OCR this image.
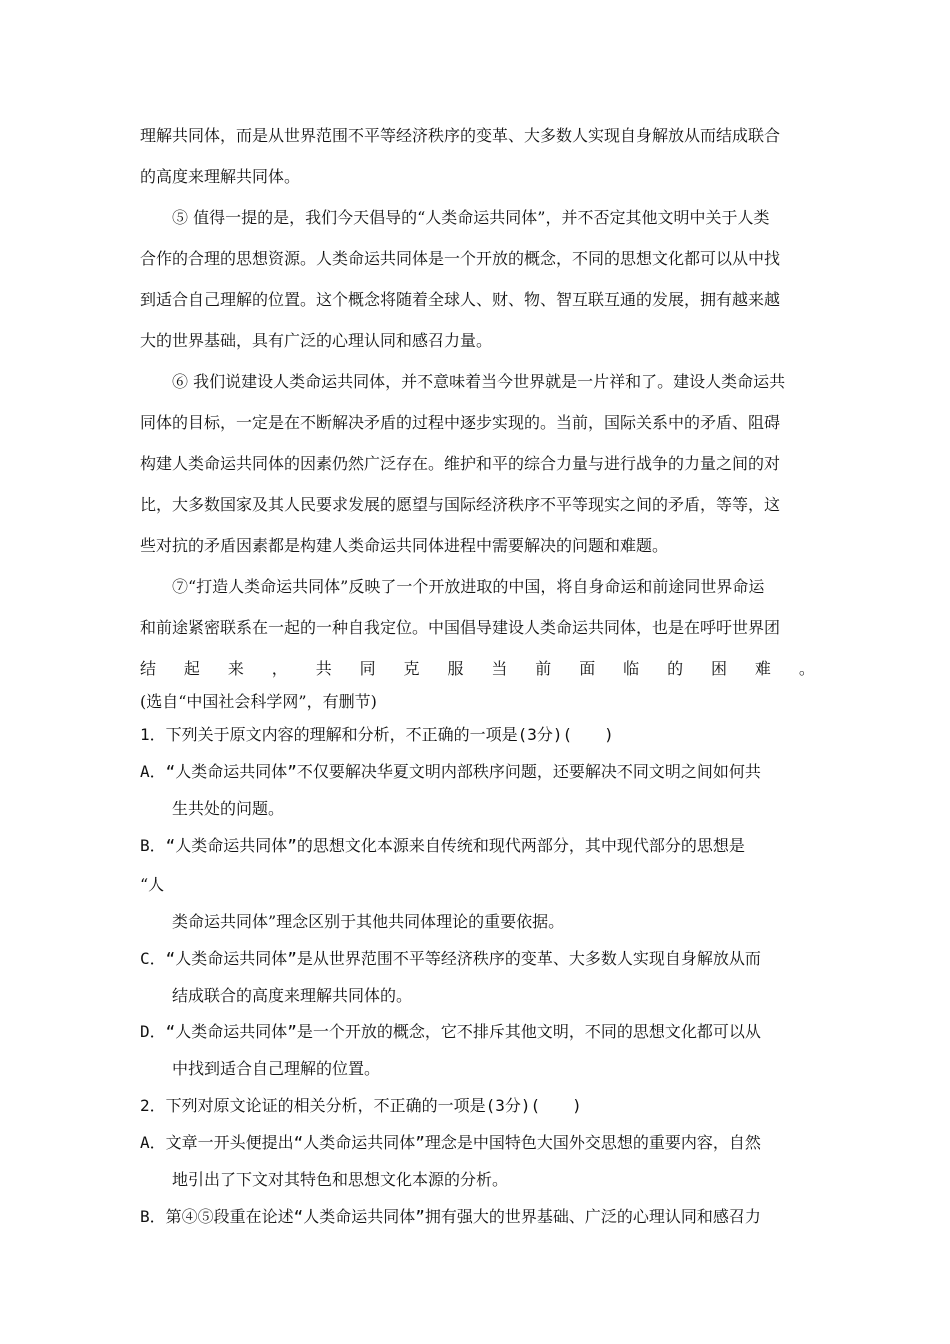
理解共同体，而是从世界范围不平等经济秩序的变革、大多数人实现自身解放从而结成联合
的高度来理解共同体。
⑤ 值得一提的是，我们今天倡导的“人类命运共同体”，并不否定其他文明中关于人类
合作的合理的思想资源。人类命运共同体是一个开放的概念，不同的思想文化都可以从中找
到适合自己理解的位置。这个概念将随着全球人、财、物、智互联互通的发展，拥有越来越
大的世界基础，具有广泛的心理认同和感召力量。
⑥ 我们说建设人类命运共同体，并不意味着当今世界就是一片祥和了。建设人类命运共
同体的目标，一定是在不断解决矛盾的过程中逐步实现的。当前，国际关系中的矛盾、阻碍
构建人类命运共同体的因素仍然广泛存在。维护和平的综合力量与进行战争的力量之间的对
比，大多数国家及其人民要求发展的愿望与国际经济秩序不平等现实之间的矛盾，等等，这
些对抗的矛盾因素都是构建人类命运共同体进程中需要解决的问题和难题。
⑦“打造人类命运共同体”反映了一个开放进取的中国，将自身命运和前途同世界命运
和前途紧密联系在一起的一种自我定位。中国倡导建设人类命运共同体，也是在呼吁世界团
结 起 来 ， 共 同 克 服 当 前 面 临 的 困 难 。
(选自“中国社会科学网”，有删节)
1．下列关于原文内容的理解和分析，不正确的一项是(3分)(　　)
A．“人类命运共同体”不仅要解决华夏文明内部秩序问题，还要解决不同文明之间如何共
生共处的问题。
B．“人类命运共同体”的思想文化本源来自传统和现代两部分，其中现代部分的思想是
“人
类命运共同体”理念区别于其他共同体理论的重要依据。
C．“人类命运共同体”是从世界范围不平等经济秩序的变革、大多数人实现自身解放从而
结成联合的高度来理解共同体的。
D．“人类命运共同体”是一个开放的概念，它不排斥其他文明，不同的思想文化都可以从
中找到适合自己理解的位置。
2．下列对原文论证的相关分析，不正确的一项是(3分)(　　)
A．文章一开头便提出“人类命运共同体”理念是中国特色大国外交思想的重要内容，自然
地引出了下文对其特色和思想文化本源的分析。
B．第④⑤段重在论述“人类命运共同体”拥有强大的世界基础、广泛的心理认同和感召力
